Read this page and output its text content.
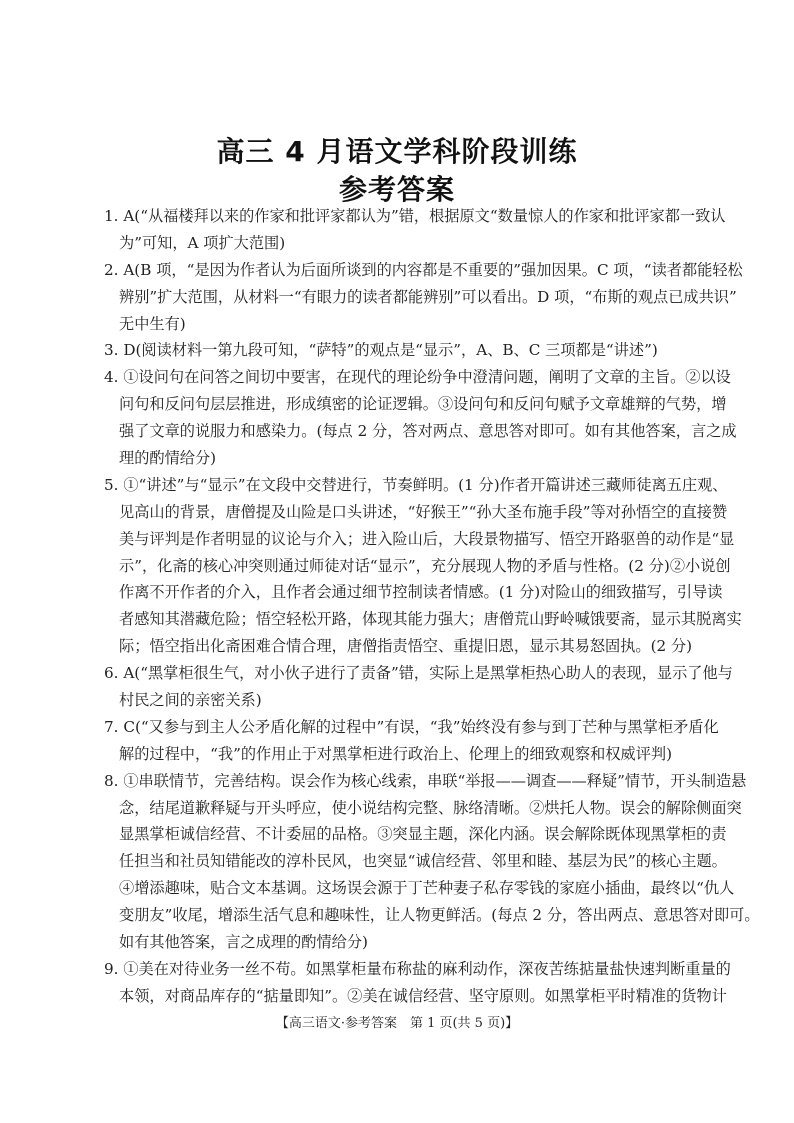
高三 4 月语文学科阶段训练
参考答案
1. A(“从福楼拜以来的作家和批评家都认为”错，根据原文“数量惊人的作家和批评家都一致认
为”可知，A 项扩大范围)
2. A(B 项，“是因为作者认为后面所谈到的内容都是不重要的”强加因果。C 项，“读者都能轻松
辨别”扩大范围，从材料一“有眼力的读者都能辨别”可以看出。D 项，“布斯的观点已成共识”
无中生有)
3. D(阅读材料一第九段可知，“萨特”的观点是“显示”，A、B、C 三项都是“讲述”)
4. ①设问句在问答之间切中要害，在现代的理论纷争中澄清问题，阐明了文章的主旨。②以设
问句和反问句层层推进，形成缜密的论证逻辑。③设问句和反问句赋予文章雄辩的气势，增
强了文章的说服力和感染力。(每点 2 分，答对两点、意思答对即可。如有其他答案，言之成
理的酌情给分)
5. ①“讲述”与“显示”在文段中交替进行，节奏鲜明。(1 分)作者开篇讲述三藏师徒离五庄观、
见高山的背景，唐僧提及山险是口头讲述，“好猴王”“孙大圣布施手段”等对孙悟空的直接赞
美与评判是作者明显的议论与介入；进入险山后，大段景物描写、悟空开路驱兽的动作是“显
示”，化斋的核心冲突则通过师徒对话“显示”，充分展现人物的矛盾与性格。(2 分)②小说创
作离不开作者的介入，且作者会通过细节控制读者情感。(1 分)对险山的细致描写，引导读
者感知其潜藏危险；悟空轻松开路，体现其能力强大；唐僧荒山野岭喊饿要斋，显示其脱离实
际；悟空指出化斋困难合情合理，唐僧指责悟空、重提旧恩，显示其易怒固执。(2 分)
6. A(“黑掌柜很生气，对小伙子进行了责备”错，实际上是黑掌柜热心助人的表现，显示了他与
村民之间的亲密关系)
7. C(“又参与到主人公矛盾化解的过程中”有误，“我”始终没有参与到丁芒种与黑掌柜矛盾化
解的过程中，“我”的作用止于对黑掌柜进行政治上、伦理上的细致观察和权威评判)
8. ①串联情节，完善结构。误会作为核心线索，串联“举报——调查——释疑”情节，开头制造悬
念，结尾道歉释疑与开头呼应，使小说结构完整、脉络清晰。②烘托人物。误会的解除侧面突
显黑掌柜诚信经营、不计委屈的品格。③突显主题，深化内涵。误会解除既体现黑掌柜的责
任担当和社员知错能改的淳朴民风，也突显“诚信经营、邻里和睦、基层为民”的核心主题。
④增添趣味，贴合文本基调。这场误会源于丁芒种妻子私存零钱的家庭小插曲，最终以“仇人
变朋友”收尾，增添生活气息和趣味性，让人物更鲜活。(每点 2 分，答出两点、意思答对即可。
如有其他答案，言之成理的酌情给分)
9. ①美在对待业务一丝不苟。如黑掌柜量布称盐的麻利动作，深夜苦练掂量盐快速判断重量的
本领，对商品库存的“掂量即知”。②美在诚信经营、坚守原则。如黑掌柜平时精准的货物计
【高三语文·参考答案　第 1 页(共 5 页)】
